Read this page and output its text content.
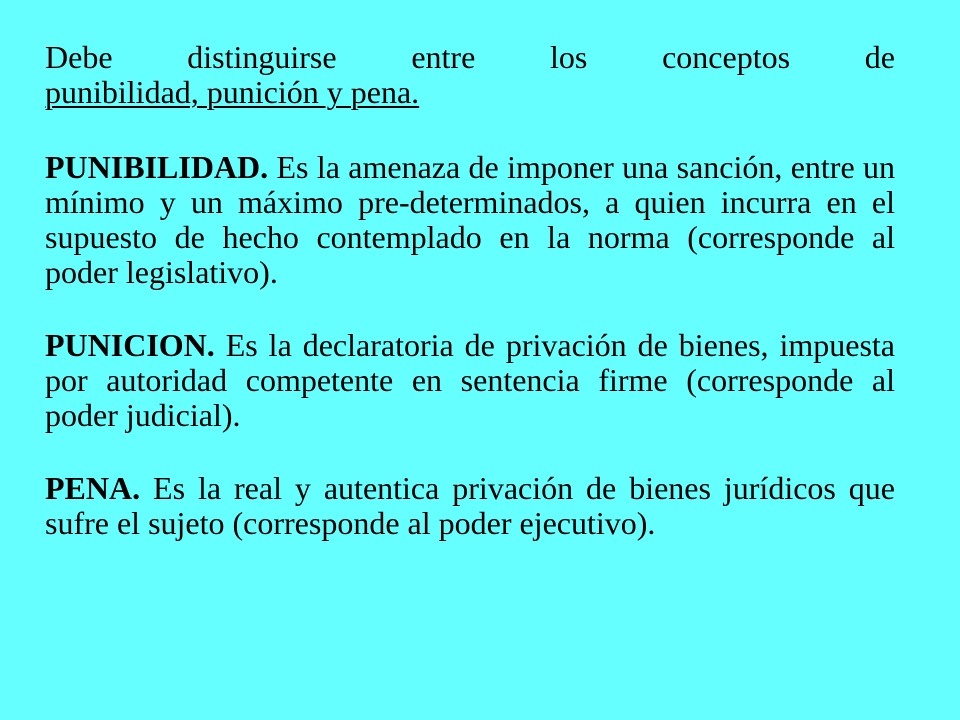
Debe distinguirse entre los conceptos de
punibilidad, punición y pena.

PUNIBILIDAD. Es la amenaza de imponer una sanción, entre un mínimo y un máximo pre-determinados, a quien incurra en el supuesto de hecho contemplado en la norma (corresponde al poder legislativo).

PUNICION. Es la declaratoria de privación de bienes, impuesta por autoridad competente en sentencia firme (corresponde al poder judicial).

PENA. Es la real y autentica privación de bienes jurídicos que sufre el sujeto (corresponde al poder ejecutivo).
